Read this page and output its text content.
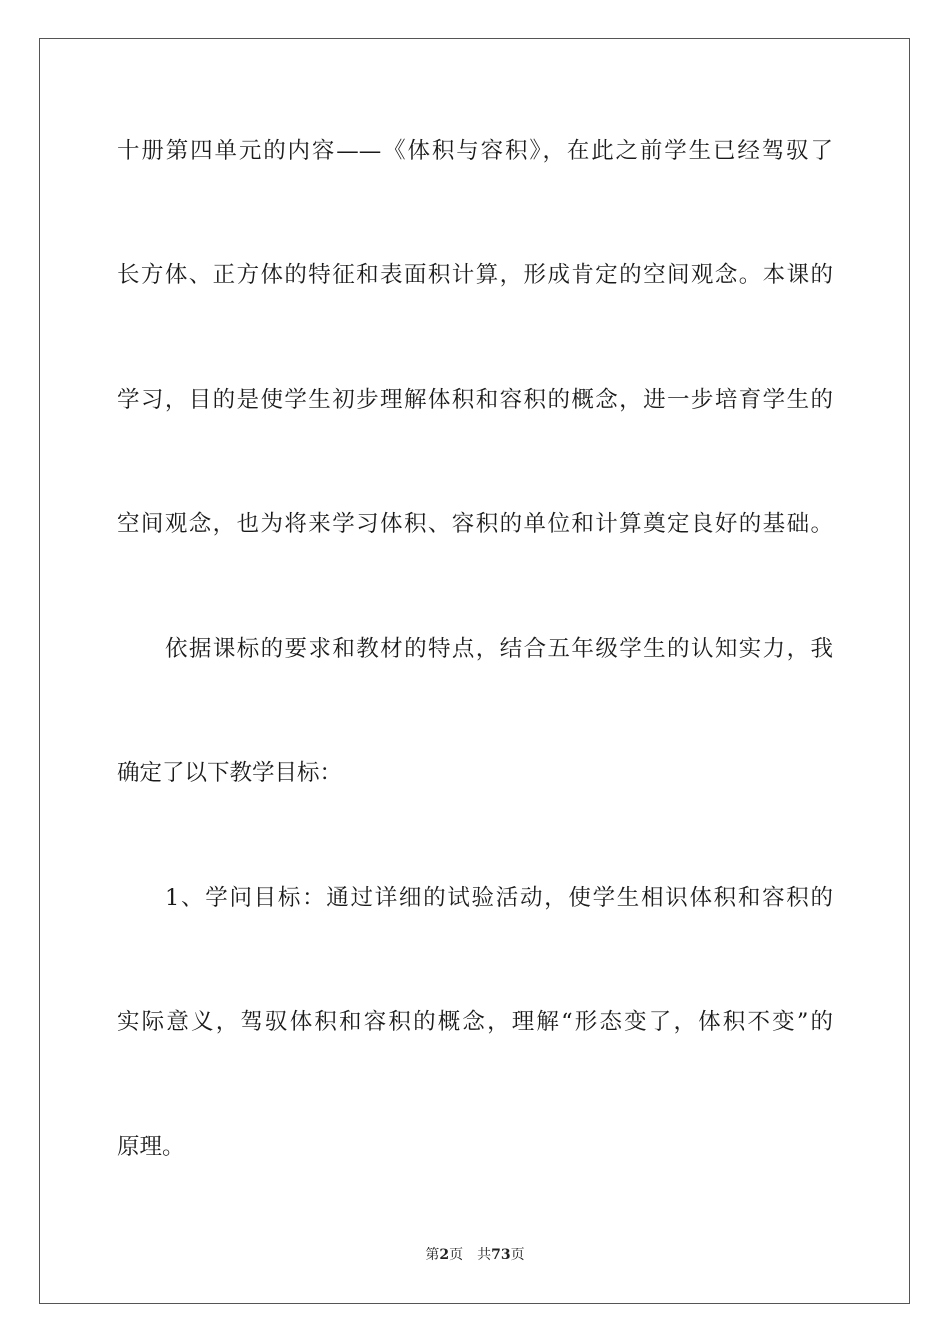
十册第四单元的内容——《体积与容积》，在此之前学生已经驾驭了
长方体、正方体的特征和表面积计算，形成肯定的空间观念。本课的
学习，目的是使学生初步理解体积和容积的概念，进一步培育学生的
空间观念，也为将来学习体积、容积的单位和计算奠定良好的基础。
依据课标的要求和教材的特点，结合五年级学生的认知实力，我
确定了以下教学目标：
1、学问目标：通过详细的试验活动，使学生相识体积和容积的
实际意义，驾驭体积和容积的概念，理解“形态变了，体积不变”的
原理。
第2页 共73页
